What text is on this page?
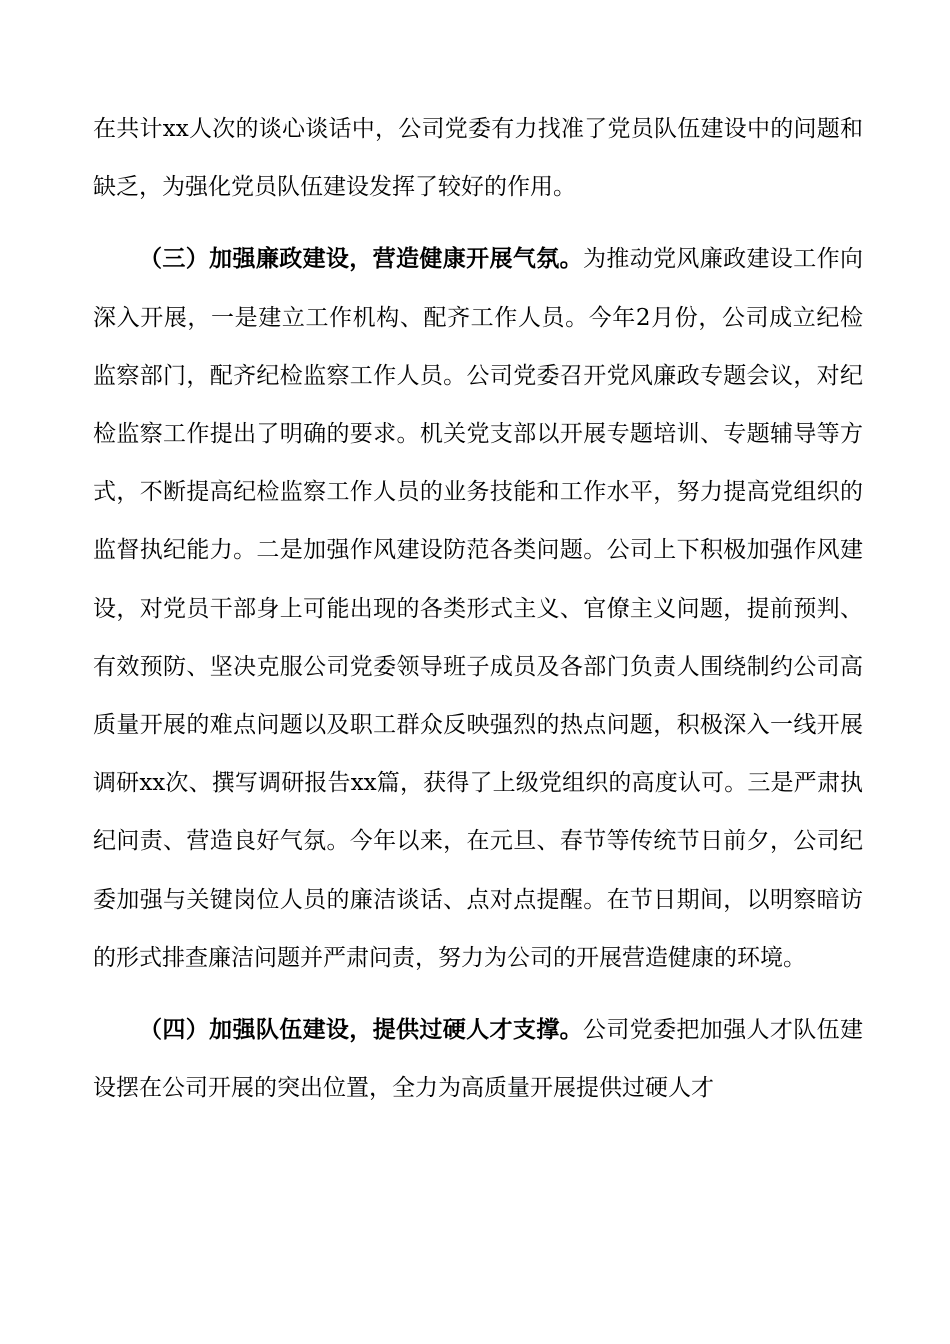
在共计xx人次的谈心谈话中，公司党委有力找准了党员队伍建设中的问题和缺乏，为强化党员队伍建设发挥了较好的作用。

（三）加强廉政建设，营造健康开展气氛。为推动党风廉政建设工作向深入开展，一是建立工作机构、配齐工作人员。今年2月份，公司成立纪检监察部门，配齐纪检监察工作人员。公司党委召开党风廉政专题会议，对纪检监察工作提出了明确的要求。机关党支部以开展专题培训、专题辅导等方式，不断提高纪检监察工作人员的业务技能和工作水平，努力提高党组织的监督执纪能力。二是加强作风建设防范各类问题。公司上下积极加强作风建设，对党员干部身上可能出现的各类形式主义、官僚主义问题，提前预判、有效预防、坚决克服公司党委领导班子成员及各部门负责人围绕制约公司高质量开展的难点问题以及职工群众反映强烈的热点问题，积极深入一线开展调研xx次、撰写调研报告xx篇，获得了上级党组织的高度认可。三是严肃执纪问责、营造良好气氛。今年以来，在元旦、春节等传统节日前夕，公司纪委加强与关键岗位人员的廉洁谈话、点对点提醒。在节日期间，以明察暗访的形式排查廉洁问题并严肃问责，努力为公司的开展营造健康的环境。

（四）加强队伍建设，提供过硬人才支撑。公司党委把加强人才队伍建设摆在公司开展的突出位置，全力为高质量开展提供过硬人才
